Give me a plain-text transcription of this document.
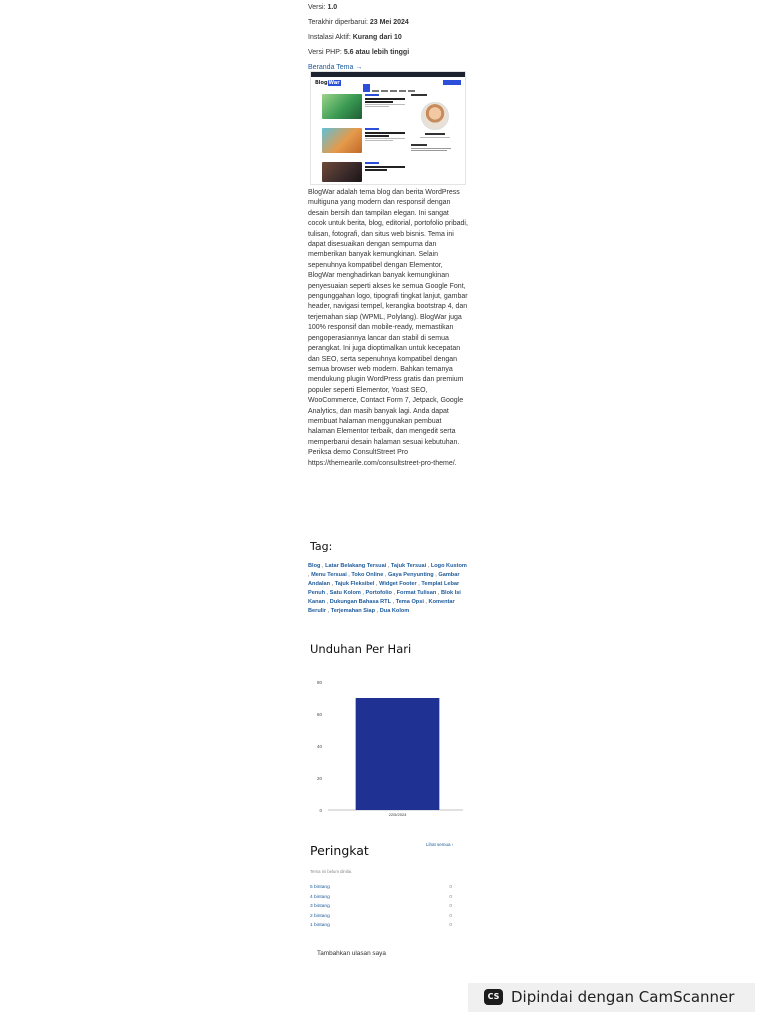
Versi: 1.0
Terakhir diperbarui: 23 Mei 2024
Instalasi Aktif: Kurang dari 10
Versi PHP: 5.6 atau lebih tinggi
Beranda Tema →
BlogWar
BlogWar adalah tema blog dan berita WordPress multiguna yang modern dan responsif dengan desain bersih dan tampilan elegan. Ini sangat cocok untuk berita, blog, editorial, portofolio pribadi, tulisan, fotografi, dan situs web bisnis. Tema ini dapat disesuaikan dengan sempurna dan memberikan banyak kemungkinan. Selain sepenuhnya kompatibel dengan Elementor, BlogWar menghadirkan banyak kemungkinan penyesuaian seperti akses ke semua Google Font, pengunggahan logo, tipografi tingkat lanjut, gambar header, navigasi tempel, kerangka bootstrap 4, dan terjemahan siap (WPML, Polylang). BlogWar juga 100% responsif dan mobile-ready, memastikan pengoperasiannya lancar dan stabil di semua perangkat. Ini juga dioptimalkan untuk kecepatan dan SEO, serta sepenuhnya kompatibel dengan semua browser web modern. Bahkan temanya mendukung plugin WordPress gratis dan premium populer seperti Elementor, Yoast SEO, WooCommerce, Contact Form 7, Jetpack, Google Analytics, dan masih banyak lagi. Anda dapat membuat halaman menggunakan pembuat halaman Elementor terbaik, dan mengedit serta memperbarui desain halaman sesuai kebutuhan. Periksa demo ConsultStreet Pro https://themearile.com/consultstreet-pro-theme/.
Tag:
Blog , Latar Belakang Tersuai , Tajuk Tersuai , Logo Kustom , Menu Tersuai , Toko Online , Gaya Penyunting , Gambar Andalan , Tajuk Fleksibel , Widget Footer , Templat Lebar Penuh , Satu Kolom , Portofolio , Format Tulisan , Blok Isi Kanan , Dukungan Bahasa RTL , Tema Opsi , Komentar Berulir , Terjemahan Siap , Dua Kolom
Unduhan Per Hari
0
20
40
60
80
22/5/2024
Peringkat	Lihat semua ›
Tema ini belum dinilai.
5 bintang	0
4 bintang	0
3 bintang	0
2 bintang	0
1 bintang	0
Tambahkan ulasan saya
CS Dipindai dengan CamScanner
